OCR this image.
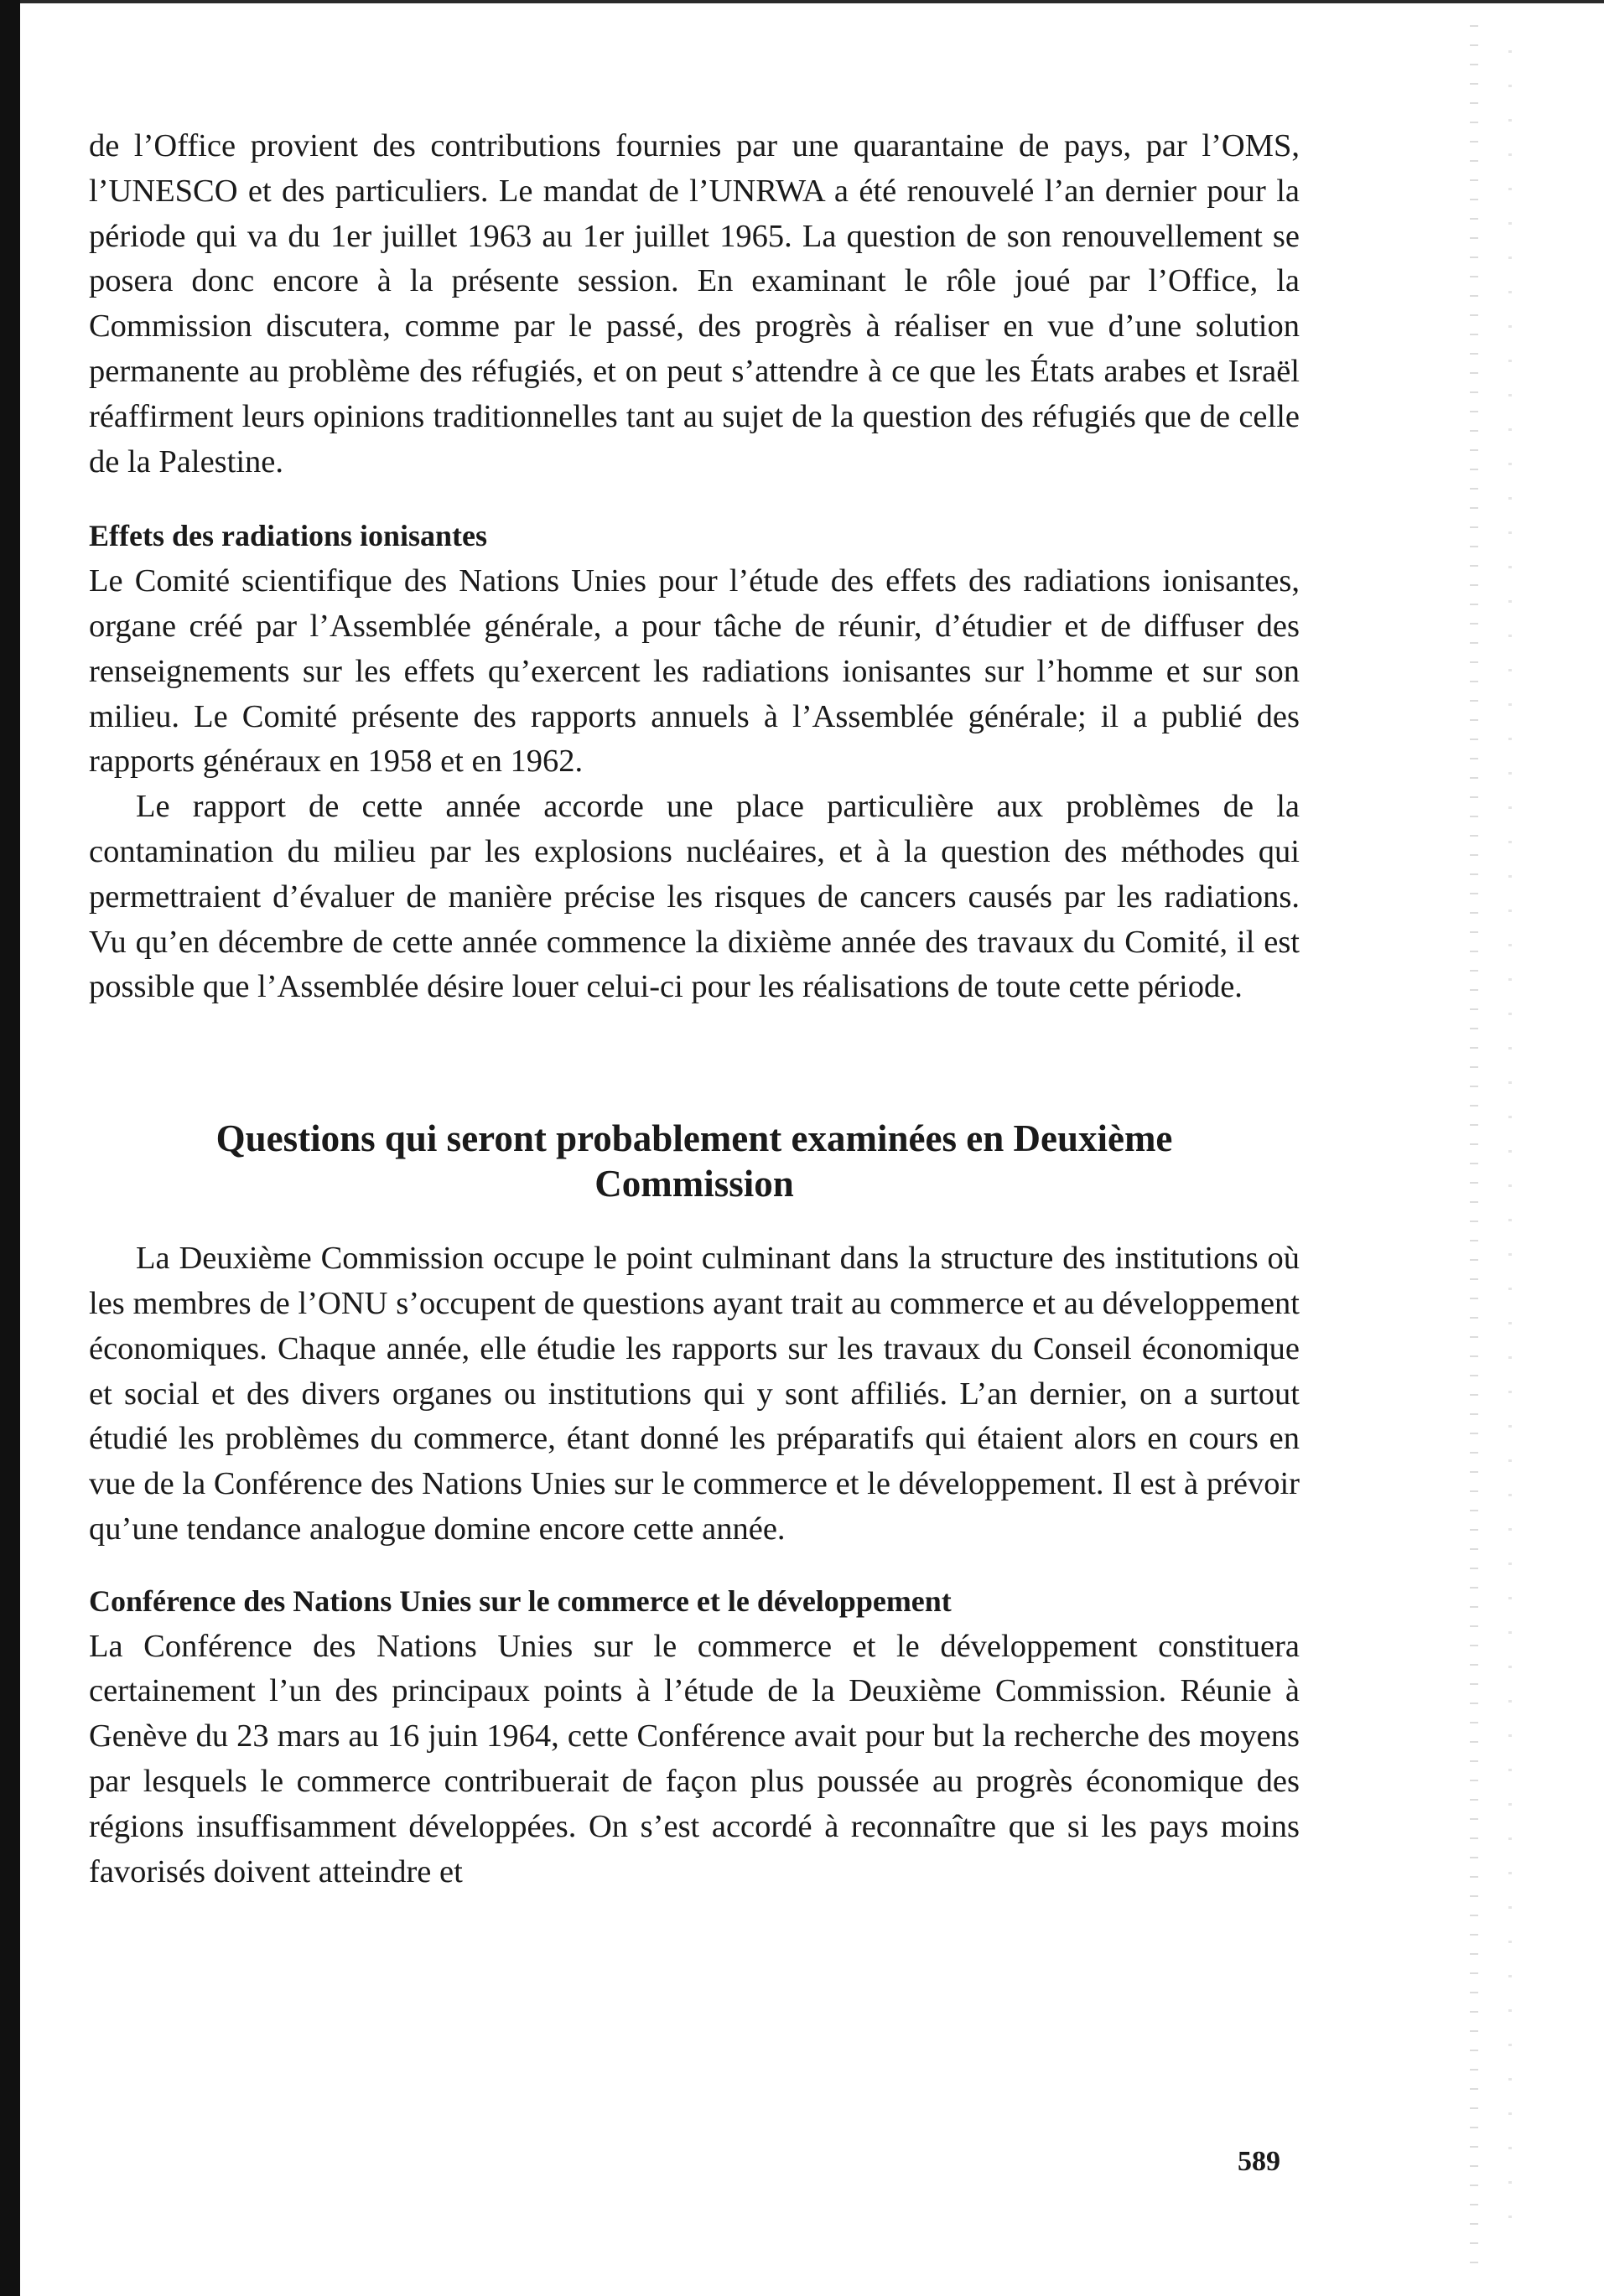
de l’Office provient des contributions fournies par une quarantaine de pays, par l’OMS, l’UNESCO et des particuliers. Le mandat de l’UNRWA a été renouvelé l’an dernier pour la période qui va du 1er juillet 1963 au 1er juillet 1965. La question de son renouvellement se posera donc encore à la présente session. En examinant le rôle joué par l’Office, la Commission discutera, comme par le passé, des progrès à réaliser en vue d’une solution permanente au problème des réfugiés, et on peut s’attendre à ce que les États arabes et Israël réaffirment leurs opinions traditionnelles tant au sujet de la question des réfugiés que de celle de la Palestine.

Effets des radiations ionisantes

Le Comité scientifique des Nations Unies pour l’étude des effets des radiations ionisantes, organe créé par l’Assemblée générale, a pour tâche de réunir, d’étudier et de diffuser des renseignements sur les effets qu’exercent les radiations ionisantes sur l’homme et sur son milieu. Le Comité présente des rapports annuels à l’Assemblée générale; il a publié des rapports généraux en 1958 et en 1962.

Le rapport de cette année accorde une place particulière aux problèmes de la contamination du milieu par les explosions nucléaires, et à la question des méthodes qui permettraient d’évaluer de manière précise les risques de cancers causés par les radiations. Vu qu’en décembre de cette année commence la dixième année des travaux du Comité, il est possible que l’Assemblée désire louer celui-ci pour les réalisations de toute cette période.

Questions qui seront probablement examinées en Deuxième
Commission

La Deuxième Commission occupe le point culminant dans la structure des institutions où les membres de l’ONU s’occupent de questions ayant trait au commerce et au développement économiques. Chaque année, elle étudie les rapports sur les travaux du Conseil économique et social et des divers organes ou institutions qui y sont affiliés. L’an dernier, on a surtout étudié les problèmes du commerce, étant donné les préparatifs qui étaient alors en cours en vue de la Conférence des Nations Unies sur le commerce et le développement. Il est à prévoir qu’une tendance analogue domine encore cette année.

Conférence des Nations Unies sur le commerce et le développement

La Conférence des Nations Unies sur le commerce et le développement constituera certainement l’un des principaux points à l’étude de la Deuxième Commission. Réunie à Genève du 23 mars au 16 juin 1964, cette Conférence avait pour but la recherche des moyens par lesquels le commerce contribuerait de façon plus poussée au progrès économique des régions insuffisamment développées. On s’est accordé à reconnaître que si les pays moins favorisés doivent atteindre et

589
